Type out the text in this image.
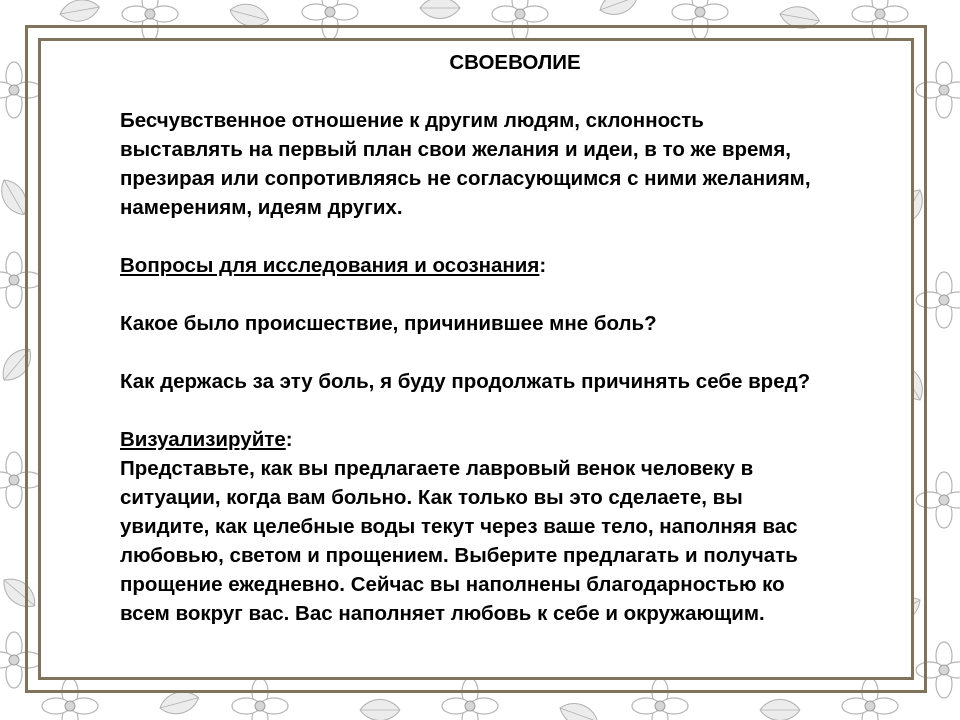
СВОЕВОЛИЕ

Бесчувственное отношение к другим людям, склонность

выставлять на первый план свои желания и идеи, в то же время,

презирая или сопротивляясь не согласующимся с ними желаниям,

намерениям, идеям других.

Вопросы для исследования и осознания:

Какое было происшествие, причинившее мне боль?

Как держась за эту боль, я буду продолжать причинять себе вред?

Визуализируйте:

Представьте, как вы предлагаете лавровый венок человеку в

ситуации, когда вам больно. Как только вы это сделаете, вы

увидите, как целебные воды текут через ваше тело, наполняя вас

любовью, светом и прощением. Выберите предлагать и получать

прощение ежедневно. Сейчас вы наполнены благодарностью ко

всем вокруг вас. Вас наполняет любовь к себе и окружающим.
